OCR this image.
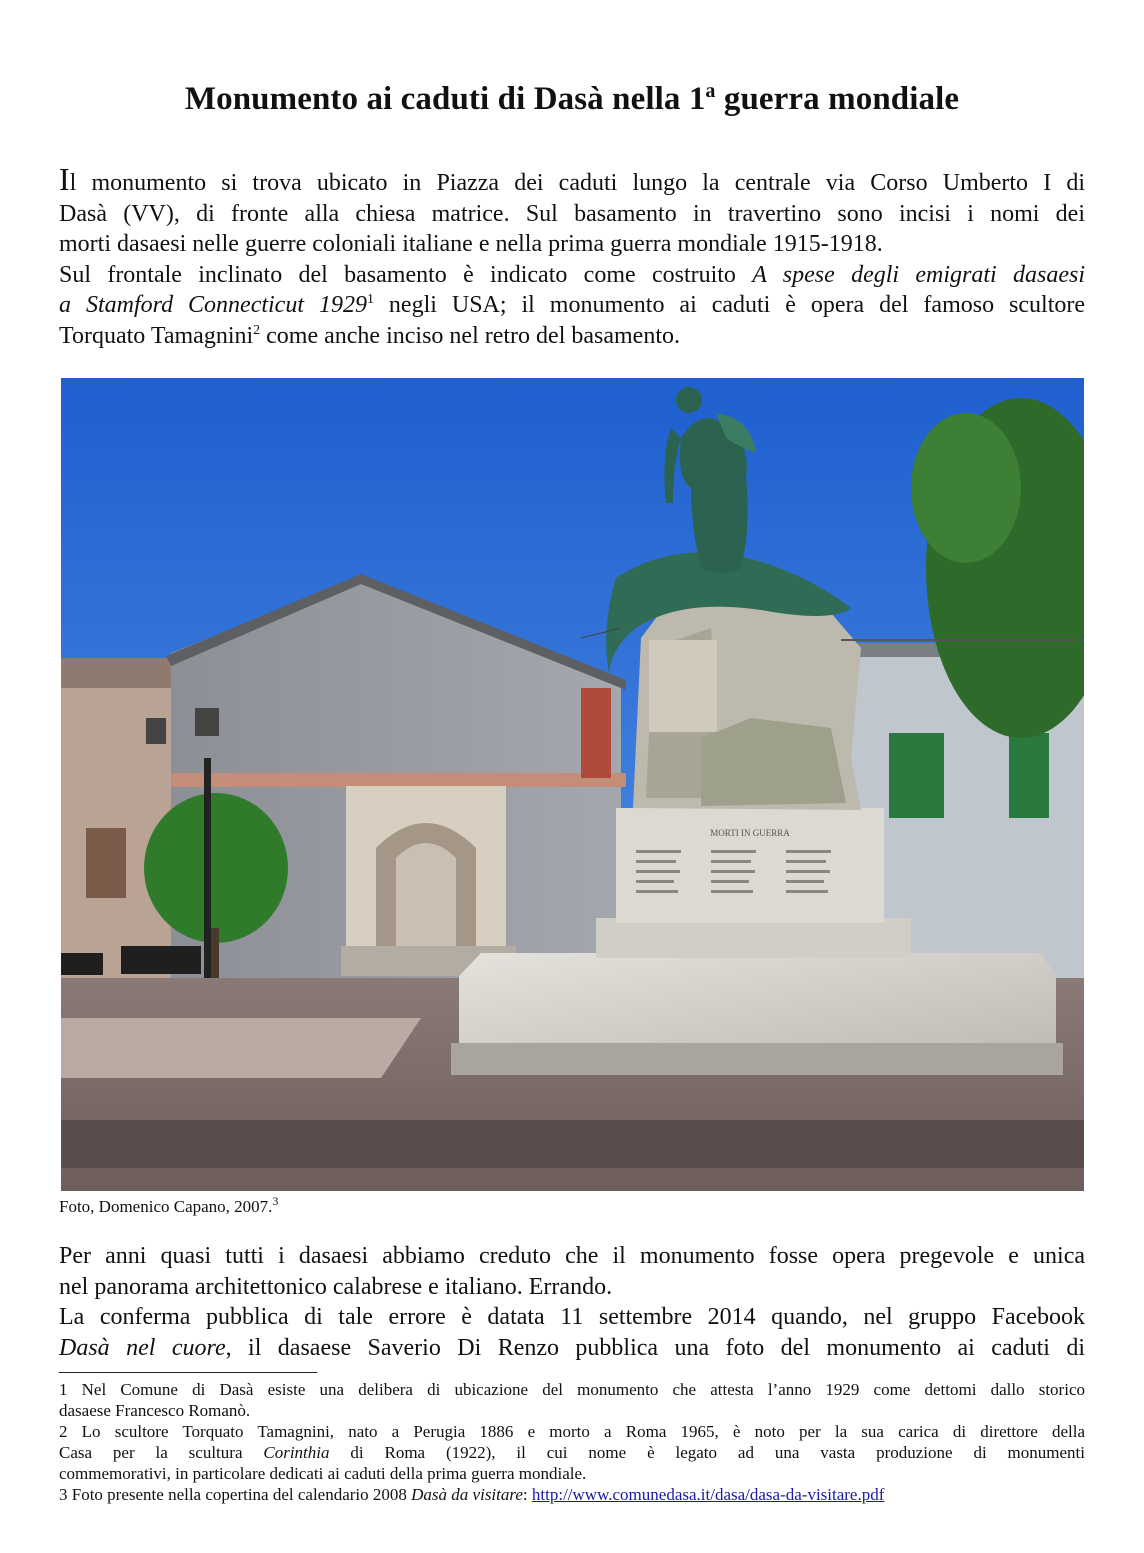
Monumento ai caduti di Dasà nella 1$^a$ guerra mondiale
Il monumento si trova ubicato in Piazza dei caduti lungo la centrale via Corso Umberto I di
Dasà (VV), di fronte alla chiesa matrice. Sul basamento in travertino sono incisi i nomi dei
morti dasaesi nelle guerre coloniali italiane e nella prima guerra mondiale 1915-1918.
Sul frontale inclinato del basamento è indicato come costruito A spese degli emigrati dasaesi
a Stamford Connecticut 1929$^1$ negli USA; il monumento ai caduti è opera del famoso scultore
Torquato Tamagnini$^2$ come anche inciso nel retro del basamento.
MORTI IN GUERRA
Foto, Domenico Capano, 2007.$^3$
Per anni quasi tutti i dasaesi abbiamo creduto che il monumento fosse opera pregevole e unica
nel panorama architettonico calabrese e italiano. Errando.
La conferma pubblica di tale errore è datata 11 settembre 2014 quando, nel gruppo Facebook
Dasà nel cuore, il dasaese Saverio Di Renzo pubblica una foto del monumento ai caduti di
1 Nel Comune di Dasà esiste una delibera di ubicazione del monumento che attesta l’anno 1929 come dettomi dallo storico
dasaese Francesco Romanò.
2 Lo scultore Torquato Tamagnini, nato a Perugia 1886 e morto a Roma 1965, è noto per la sua carica di direttore della
Casa per la scultura Corinthia di Roma (1922), il cui nome è legato ad una vasta produzione di monumenti
commemorativi, in particolare dedicati ai caduti della prima guerra mondiale.
3 Foto presente nella copertina del calendario 2008 Dasà da visitare: http://www.comunedasa.it/dasa/dasa-da-visitare.pdf
